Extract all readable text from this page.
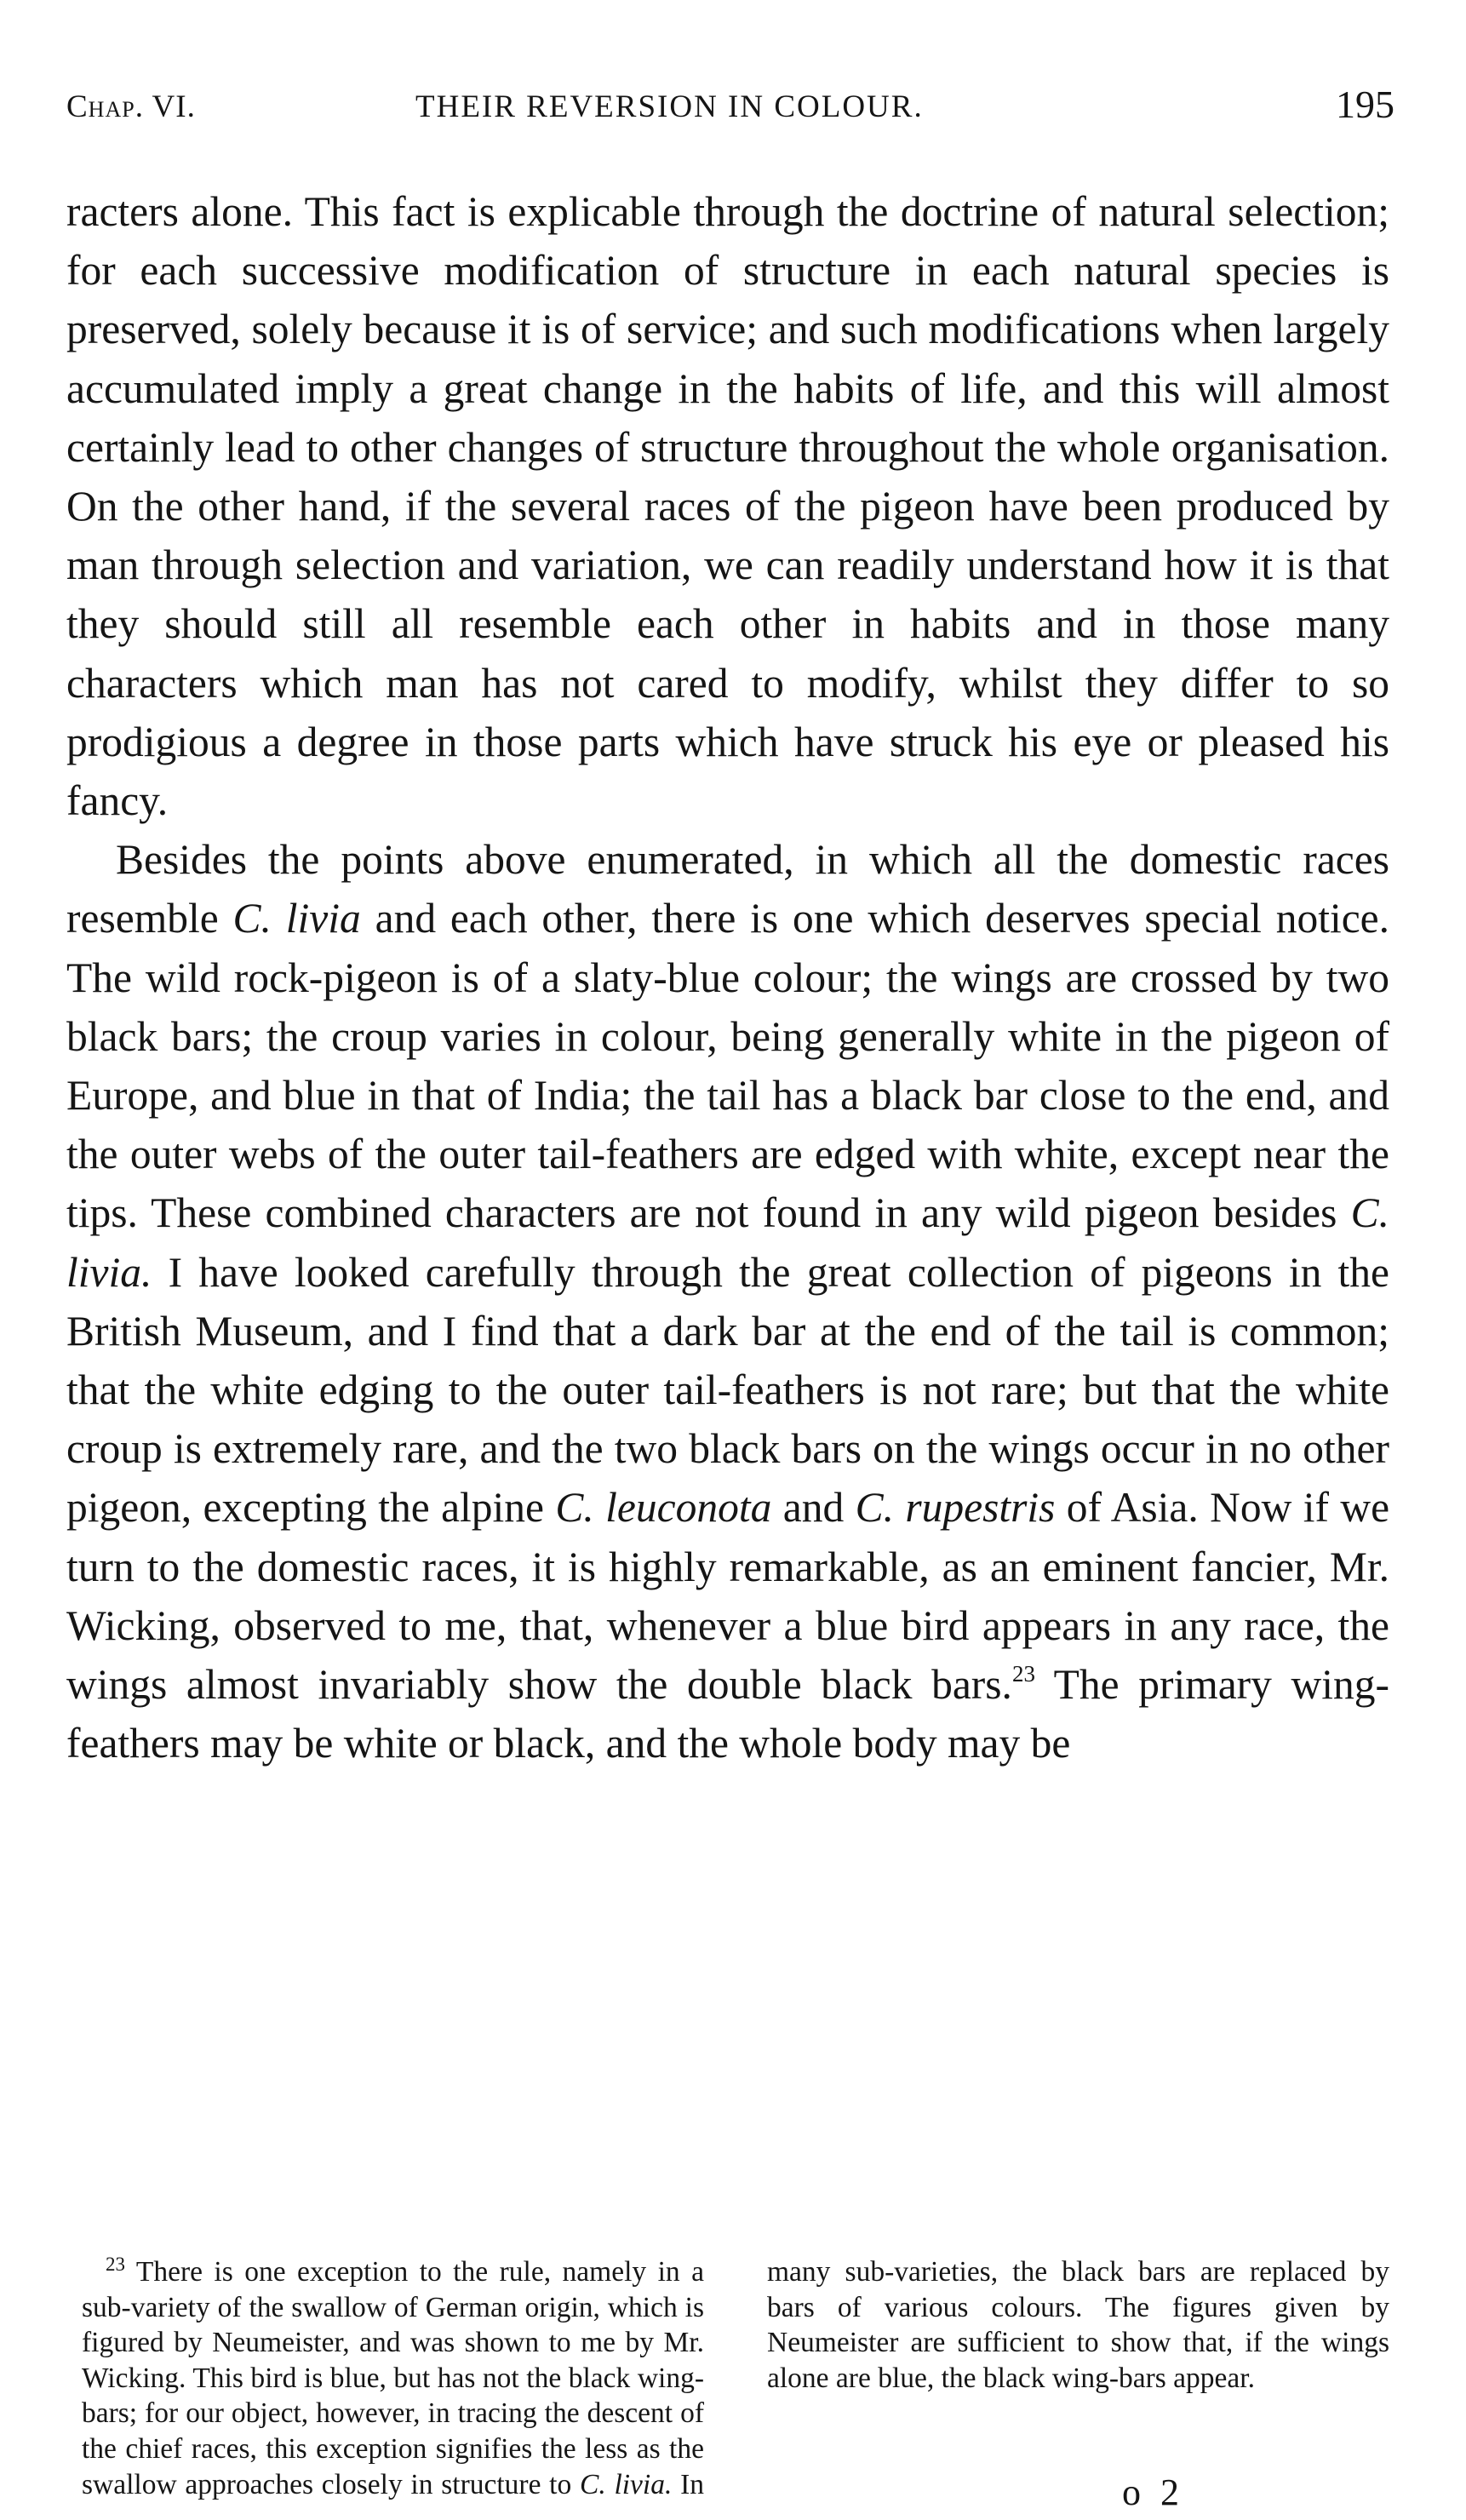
Chap. VI.	THEIR REVERSION IN COLOUR.	195

racters alone. This fact is explicable through the doctrine of natural selection; for each successive modification of structure in each natural species is preserved, solely because it is of service; and such modifications when largely accumulated imply a great change in the habits of life, and this will almost certainly lead to other changes of structure throughout the whole organisation. On the other hand, if the several races of the pigeon have been produced by man through selection and variation, we can readily understand how it is that they should still all resemble each other in habits and in those many characters which man has not cared to modify, whilst they differ to so prodigious a degree in those parts which have struck his eye or pleased his fancy.

Besides the points above enumerated, in which all the domestic races resemble C. livia and each other, there is one which deserves special notice. The wild rock-pigeon is of a slaty-blue colour; the wings are crossed by two black bars; the croup varies in colour, being generally white in the pigeon of Europe, and blue in that of India; the tail has a black bar close to the end, and the outer webs of the outer tail-feathers are edged with white, except near the tips. These combined characters are not found in any wild pigeon besides C. livia. I have looked carefully through the great collection of pigeons in the British Museum, and I find that a dark bar at the end of the tail is common; that the white edging to the outer tail-feathers is not rare; but that the white croup is extremely rare, and the two black bars on the wings occur in no other pigeon, excepting the alpine C. leuconota and C. rupestris of Asia. Now if we turn to the domestic races, it is highly remarkable, as an eminent fancier, Mr. Wicking, observed to me, that, whenever a blue bird appears in any race, the wings almost invariably show the double black bars.$^{23}$ The primary wing-feathers may be white or black, and the whole body may be

$^{23}$ There is one exception to the rule, namely in a sub-variety of the swallow of German origin, which is figured by Neumeister, and was shown to me by Mr. Wicking. This bird is blue, but has not the black wing-bars; for our object, however, in tracing the descent of the chief races, this exception signifies the less as the swallow approaches closely in structure to C. livia. In many sub-varieties, the black bars are replaced by bars of various colours. The figures given by Neumeister are sufficient to show that, if the wings alone are blue, the black wing-bars appear.

o 2
